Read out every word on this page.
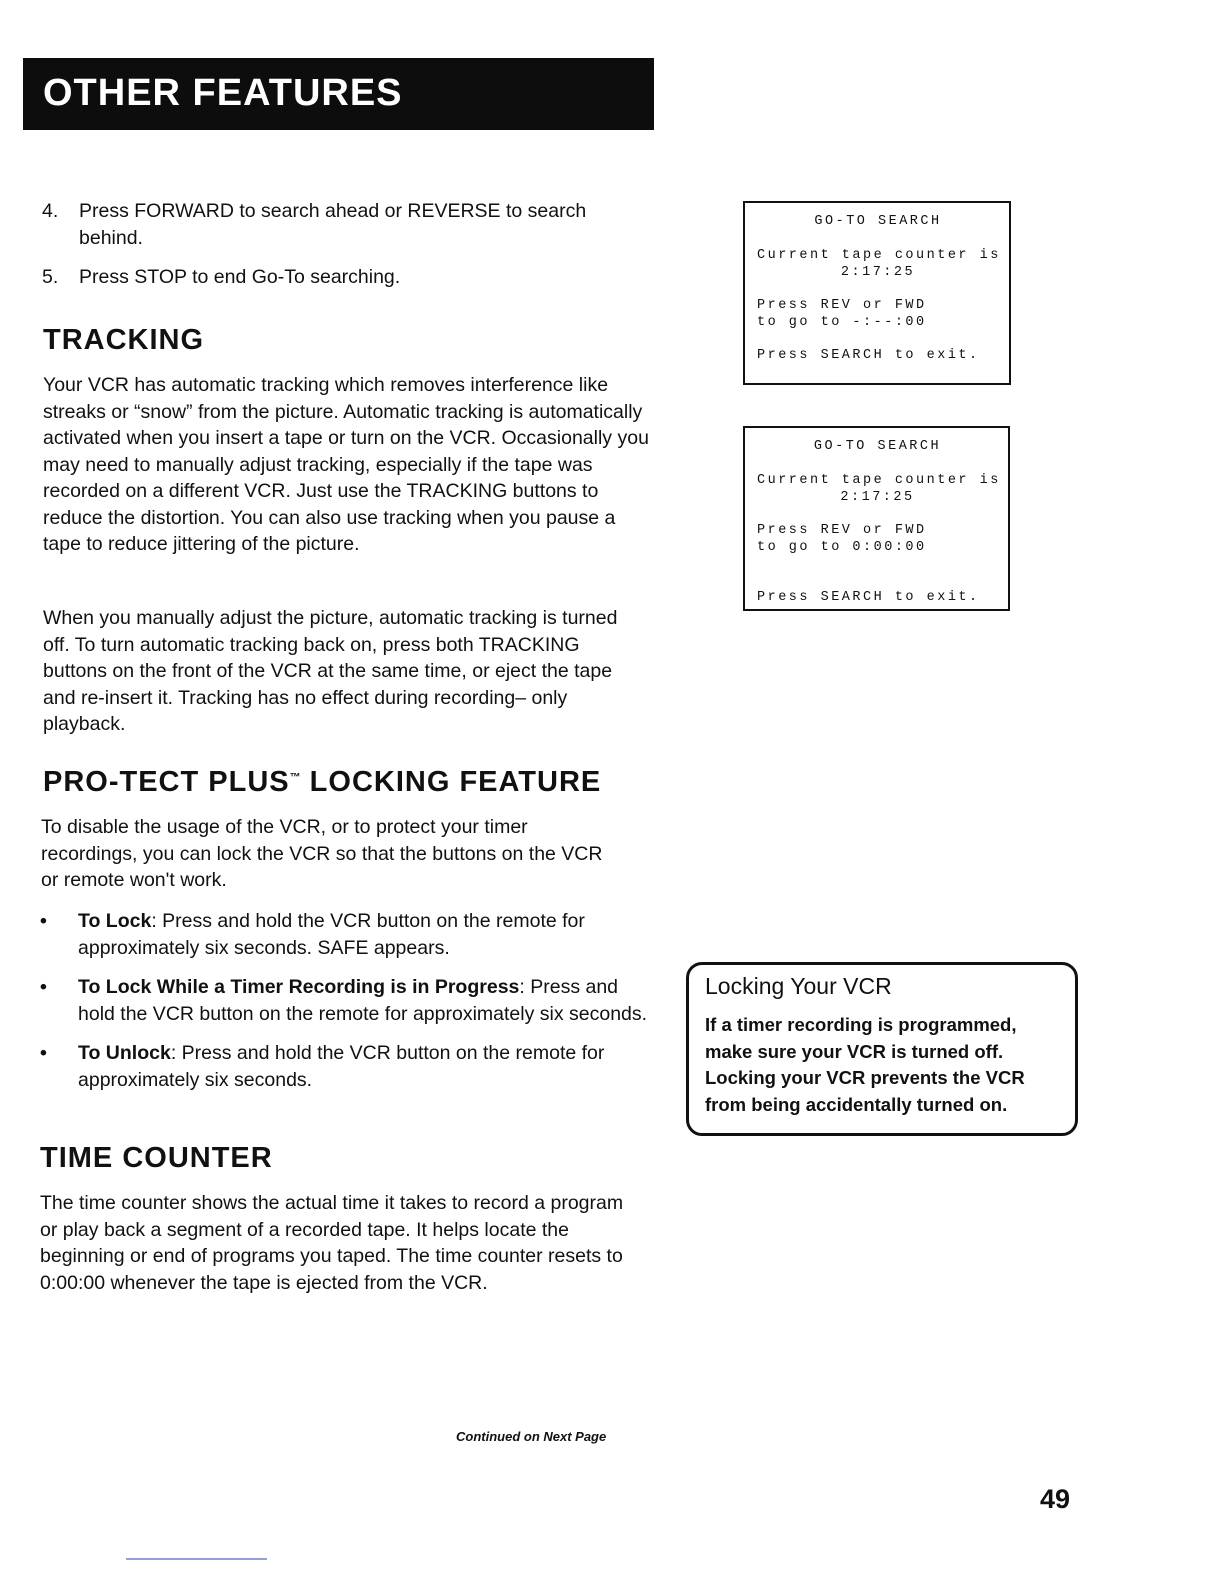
OTHER FEATURES
4.	Press FORWARD to search ahead or REVERSE to search behind.
5.	Press STOP to end Go-To searching.
TRACKING

Your VCR has automatic tracking which removes interference like streaks or “snow” from the picture. Automatic tracking is automatically activated when you insert a tape or turn on the VCR. Occasionally you may need to manually adjust tracking, especially if the tape was recorded on a different VCR. Just use the TRACKING buttons to reduce the distortion. You can also use tracking when you pause a tape to reduce jittering of the picture.

When you manually adjust the picture, automatic tracking is turned off. To turn automatic tracking back on, press both TRACKING buttons on the front of the VCR at the same time, or eject the tape and re-insert it. Tracking has no effect during recording– only playback.

PRO-TECT PLUS™ LOCKING FEATURE

To disable the usage of the VCR, or to protect your timer recordings, you can lock the VCR so that the buttons on the VCR or remote won't work.

•	To Lock: Press and hold the VCR button on the remote for approximately six seconds. SAFE appears.
•	To Lock While a Timer Recording is in Progress: Press and hold the VCR button on the remote for approximately six seconds.
•	To Unlock: Press and hold the VCR button on the remote for approximately six seconds.
TIME COUNTER

The time counter shows the actual time it takes to record a program or play back a segment of a recorded tape. It helps locate the beginning or end of programs you taped. The time counter resets to 0:00:00 whenever the tape is ejected from the VCR.

GO-TO SEARCH
Current tape counter is
2:17:25
Press REV or FWD
to go to -:--:00
Press SEARCH to exit.
GO-TO SEARCH
Current tape counter is
2:17:25
Press REV or FWD
to go to 0:00:00
Press SEARCH to exit.

Locking Your VCR

If a timer recording is programmed, make sure your VCR is turned off. Locking your VCR prevents the VCR from being accidentally turned on.

Continued on Next Page
49
